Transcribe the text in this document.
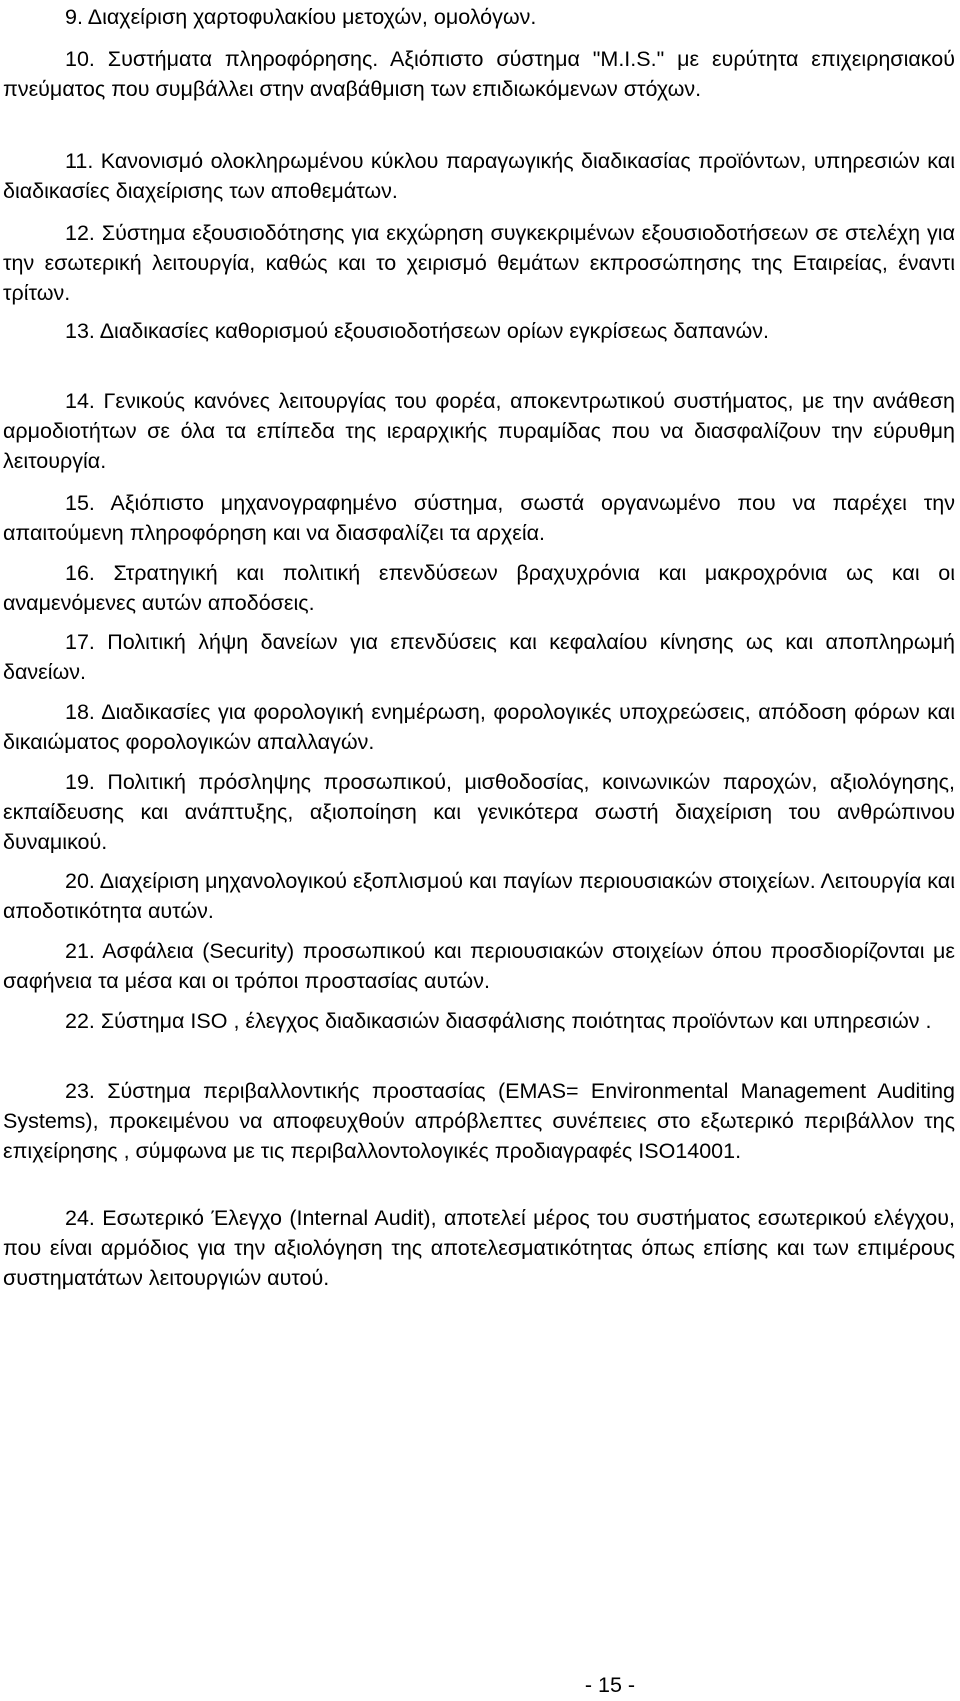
9. Διαχείριση χαρτοφυλακίου μετοχών, ομολόγων.

10. Συστήματα πληροφόρησης. Αξιόπιστο σύστημα "M.I.S." με ευρύτητα επιχειρησιακού πνεύματος που συμβάλλει στην αναβάθμιση των επιδιωκόμενων στόχων.

11. Κανονισμό ολοκληρωμένου κύκλου παραγωγικής διαδικασίας προϊόντων, υπηρεσιών και διαδικασίες διαχείρισης των αποθεμάτων.

12. Σύστημα εξουσιοδότησης για εκχώρηση συγκεκριμένων εξουσιοδοτήσεων σε στελέχη για την εσωτερική λειτουργία, καθώς και το χειρισμό θεμάτων εκπροσώπησης της Εταιρείας, έναντι τρίτων.

13. Διαδικασίες καθορισμού εξουσιοδοτήσεων ορίων εγκρίσεως δαπανών.

14. Γενικούς κανόνες λειτουργίας του φορέα, αποκεντρωτικού συστήματος, με την ανάθεση αρμοδιοτήτων σε όλα τα επίπεδα της ιεραρχικής πυραμίδας που να διασφαλίζουν την εύρυθμη λειτουργία.

15. Αξιόπιστο μηχανογραφημένο σύστημα, σωστά οργανωμένο που να παρέχει την απαιτούμενη πληροφόρηση και να διασφαλίζει τα αρχεία.

16. Στρατηγική και πολιτική επενδύσεων βραχυχρόνια και μακροχρόνια ως και οι αναμενόμενες αυτών αποδόσεις.

17. Πολιτική λήψη δανείων για επενδύσεις και κεφαλαίου κίνησης ως και αποπληρωμή δανείων.

18. Διαδικασίες για φορολογική ενημέρωση, φορολογικές υποχρεώσεις, απόδοση φόρων και δικαιώματος φορολογικών απαλλαγών.

19. Πολιτική πρόσληψης προσωπικού, μισθοδοσίας, κοινωνικών παροχών, αξιολόγησης, εκπαίδευσης και ανάπτυξης, αξιοποίηση και γενικότερα σωστή διαχείριση του ανθρώπινου δυναμικού.

20. Διαχείριση μηχανολογικού εξοπλισμού και παγίων περιουσιακών στοιχείων. Λειτουργία και αποδοτικότητα αυτών.

21. Ασφάλεια (Security) προσωπικού και περιουσιακών στοιχείων όπου προσδιορίζονται με σαφήνεια τα μέσα και οι τρόποι προστασίας αυτών.

22. Σύστημα ISO , έλεγχος διαδικασιών διασφάλισης ποιότητας προϊόντων και υπηρεσιών .

23. Σύστημα περιβαλλοντικής προστασίας (EMAS= Environmental Management Auditing Systems), προκειμένου να αποφευχθούν απρόβλεπτες συνέπειες στο εξωτερικό περιβάλλον της επιχείρησης , σύμφωνα με τις περιβαλλοντολογικές προδιαγραφές ISO14001.

24. Εσωτερικό Έλεγχο (Internal Audit), αποτελεί μέρος του συστήματος εσωτερικού ελέγχου, που είναι αρμόδιος για την αξιολόγηση της αποτελεσματικότητας όπως επίσης και των επιμέρους συστηματάτων λειτουργιών αυτού.

- 15 -
